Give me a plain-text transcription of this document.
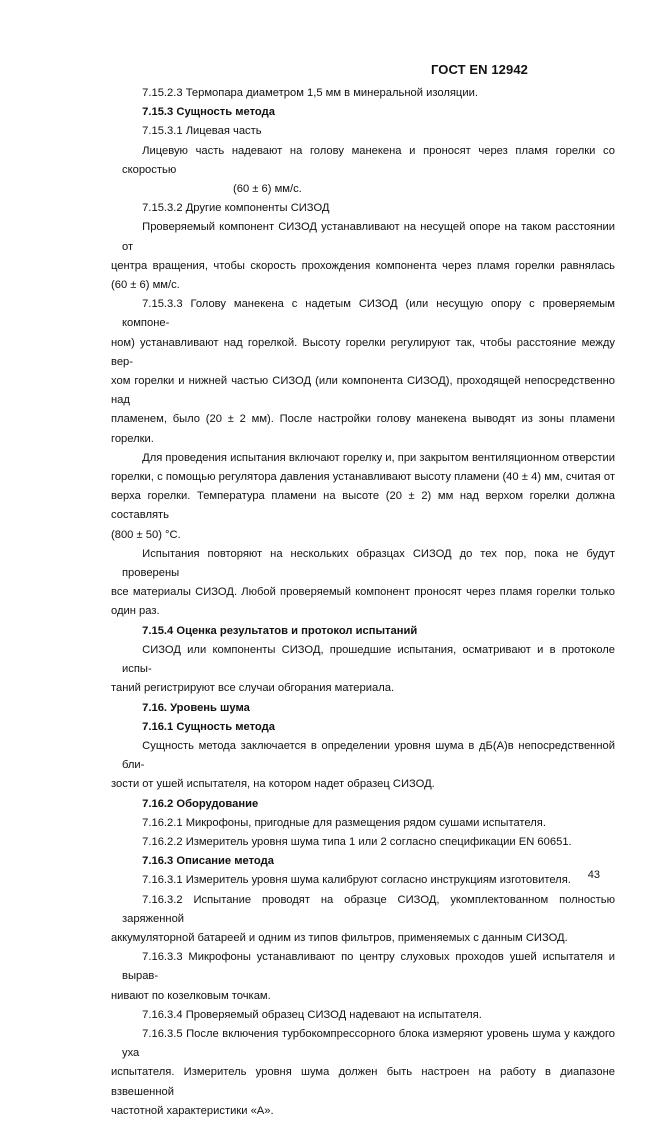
ГОСТ EN 12942
7.15.2.3 Термопара диаметром 1,5 мм в минеральной изоляции.
7.15.3 Сущность метода
7.15.3.1 Лицевая часть
Лицевую часть надевают на голову манекена и проносят через пламя горелки со скоростью
(60 ± 6) мм/с.
7.15.3.2 Другие компоненты СИЗОД
Проверяемый компонент СИЗОД устанавливают на несущей опоре на таком расстоянии от
центра вращения, чтобы скорость прохождения компонента через пламя горелки равнялась
(60 ± 6) мм/с.
7.15.3.3 Голову манекена с надетым СИЗОД (или несущую опору с проверяемым компоне-
ном) устанавливают над горелкой. Высоту горелки регулируют так, чтобы расстояние между вер-
хом горелки и нижней частью СИЗОД (или компонента СИЗОД), проходящей непосредственно над
пламенем, было (20 ± 2 мм). После настройки голову манекена выводят из зоны пламени горелки.
Для проведения испытания включают горелку и, при закрытом вентиляционном отверстии
горелки, с помощью регулятора давления устанавливают высоту пламени (40 ± 4) мм, считая от
верха горелки. Температура пламени на высоте (20 ± 2) мм над верхом горелки должна составлять
(800 ± 50) °С.
Испытания повторяют на нескольких образцах СИЗОД до тех пор, пока не будут проверены
все материалы СИЗОД. Любой проверяемый компонент проносят через пламя горелки только
один раз.
7.15.4 Оценка результатов и протокол испытаний
СИЗОД или компоненты СИЗОД, прошедшие испытания, осматривают и в протоколе испы-
таний регистрируют все случаи обгорания материала.
7.16. Уровень шума
7.16.1 Сущность метода
Сущность метода заключается в определении уровня шума в дБ(А)в непосредственной бли-
зости от ушей испытателя, на котором надет образец СИЗОД.
7.16.2 Оборудование
7.16.2.1 Микрофоны, пригодные для размещения рядом сушами испытателя.
7.16.2.2 Измеритель уровня шума типа 1 или 2 согласно спецификации EN 60651.
7.16.3 Описание метода
7.16.3.1 Измеритель уровня шума калибруют согласно инструкциям изготовителя.
7.16.3.2 Испытание проводят на образце СИЗОД, укомплектованном полностью заряженной
аккумуляторной батареей и одним из типов фильтров, применяемых с данным СИЗОД.
7.16.3.3 Микрофоны устанавливают по центру слуховых проходов ушей испытателя и вырав-
нивают по козелковым точкам.
7.16.3.4 Проверяемый образец СИЗОД надевают на испытателя.
7.16.3.5 После включения турбокомпрессорного блока измеряют уровень шума у каждого уха
испытателя. Измеритель уровня шума должен быть настроен на работу в диапазоне взвешенной
частотной характеристики «А».
43
